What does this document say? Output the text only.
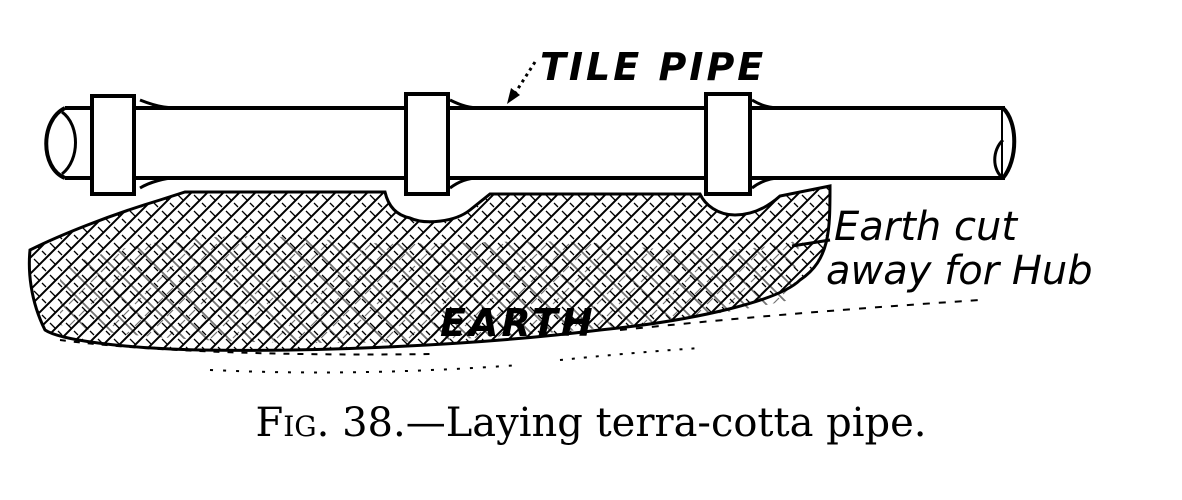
TILE PIPE
EARTH
Earth cut
away for Hub
Fig. 38.—Laying terra-cotta pipe.
